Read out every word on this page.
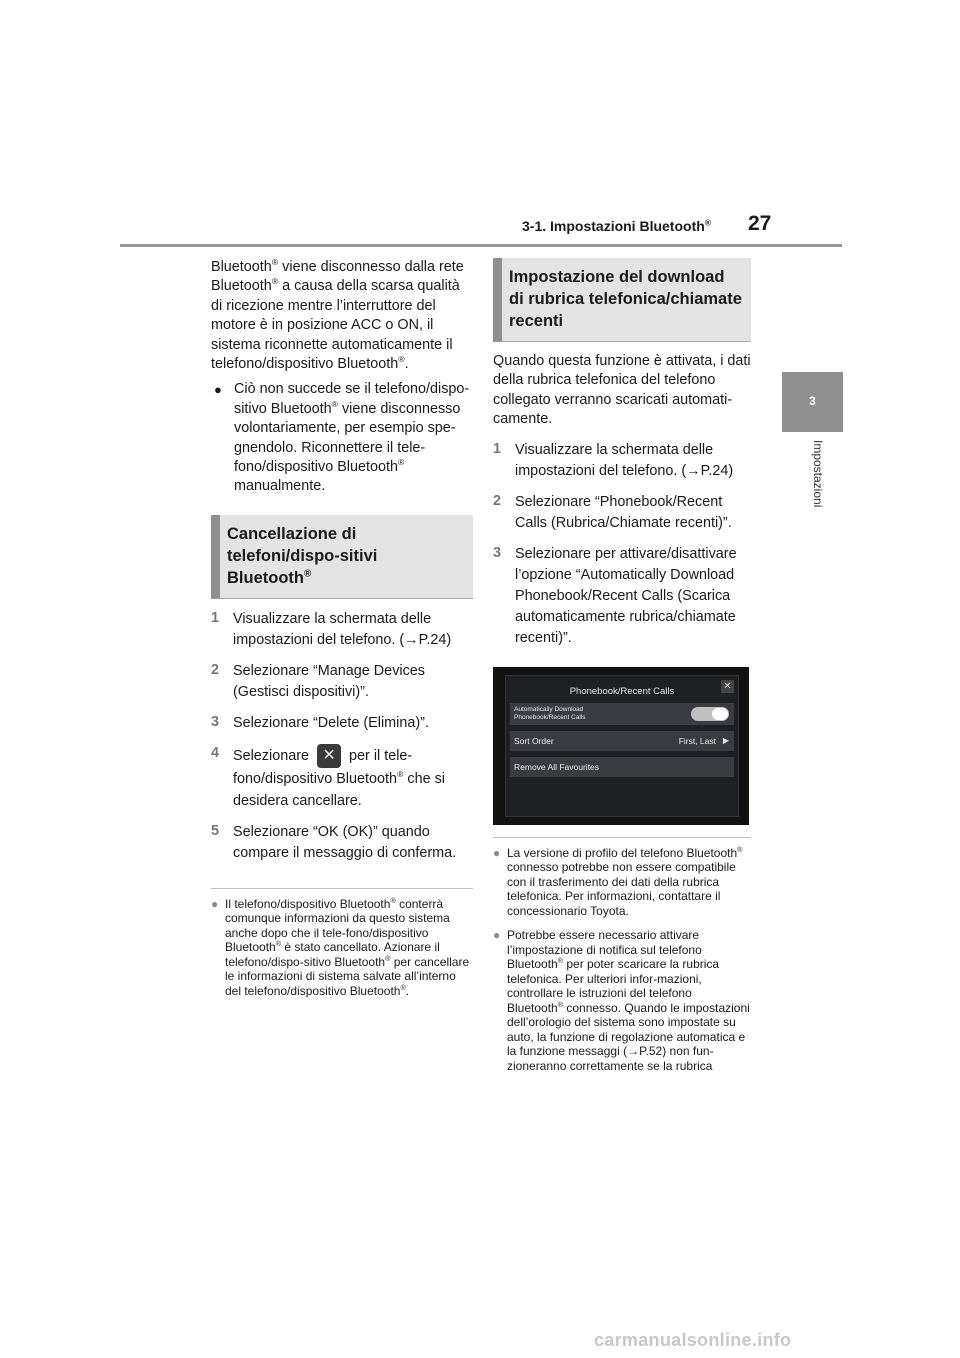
27
3-1. Impostazioni Bluetooth®
3
Impostazioni

Bluetooth® viene disconnesso dalla rete Bluetooth® a causa della scarsa qualità di ricezione mentre l’interruttore del motore è in posizione ACC o ON, il sistema riconnette automaticamente il telefono/dispositivo Bluetooth®.

● Ciò non succede se il telefono/dispo-sitivo Bluetooth® viene disconnesso volontariamente, per esempio spe-gnendolo. Riconnettere il tele-fono/dispositivo Bluetooth® manualmente.
Cancellazione di telefoni/dispo-sitivi Bluetooth®
1 Visualizzare la schermata delle impostazioni del telefono. (→P.24)
2 Selezionare “Manage Devices (Gestisci dispositivi)”.
3 Selezionare “Delete (Elimina)”.
4 Selezionare ✕ per il tele-fono/dispositivo Bluetooth® che si desidera cancellare.
5 Selezionare “OK (OK)” quando compare il messaggio di conferma.
● Il telefono/dispositivo Bluetooth® conterrà comunque informazioni da questo sistema anche dopo che il tele-fono/dispositivo Bluetooth® è stato cancellato. Azionare il telefono/dispo-sitivo Bluetooth® per cancellare le informazioni di sistema salvate all’interno del telefono/dispositivo Bluetooth®.
Impostazione del download di rubrica telefonica/chiamate recenti

Quando questa funzione è attivata, i dati della rubrica telefonica del telefono collegato verranno scaricati automati-camente.

1 Visualizzare la schermata delle impostazioni del telefono. (→P.24)
2 Selezionare “Phonebook/Recent Calls (Rubrica/Chiamate recenti)”.
3 Selezionare per attivare/disattivare l’opzione “Automatically Download Phonebook/Recent Calls (Scarica automaticamente rubrica/chiamate recenti)”.
Phonebook/Recent Calls	✕
Automatically Download
Phonebook/Recent Calls
Sort Order	First, Last ▶
Remove All Favourites
● La versione di profilo del telefono Bluetooth® connesso potrebbe non essere compatibile con il trasferimento dei dati della rubrica telefonica. Per informazioni, contattare il concessionario Toyota.
● Potrebbe essere necessario attivare l’impostazione di notifica sul telefono Bluetooth® per poter scaricare la rubrica telefonica. Per ulteriori infor-mazioni, controllare le istruzioni del telefono Bluetooth® connesso. Quando le impostazioni dell’orologio del sistema sono impostate su auto, la funzione di regolazione automatica e la funzione messaggi (→P.52) non fun-zioneranno correttamente se la rubrica
carmanualsonline.info
